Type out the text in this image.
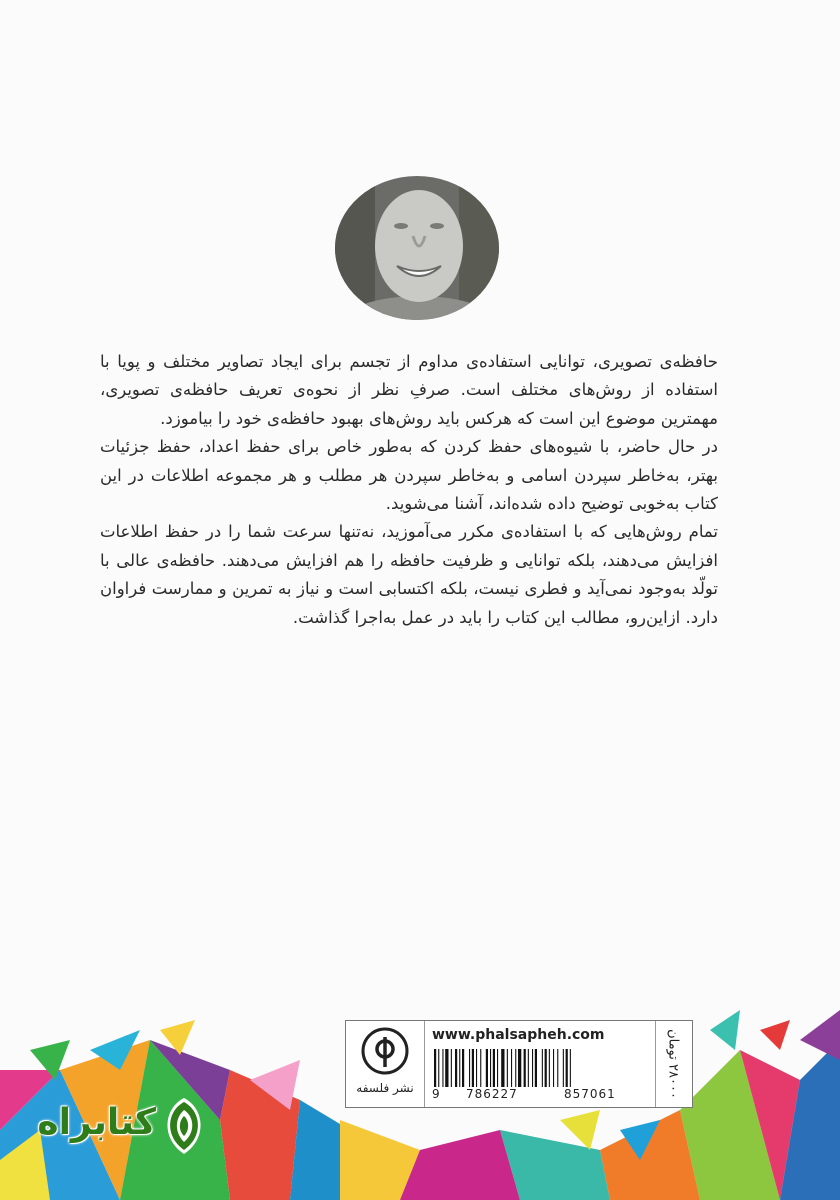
حافظه‌ی تصویری، توانایی استفاده‌ی مداوم از تجسم برای ایجاد تصاویر مختلف و پویا با استفاده از روش‌های مختلف است. صرفِ نظر از نحوه‌ی تعریف حافظه‌ی تصویری، مهمترین موضوع این است که هرکس باید روش‌های بهبود حافظه‌ی خود را بیاموزد.

در حال حاضر، با شیوه‌های حفظ کردن که به‌طور خاص برای حفظ اعداد، حفظ جزئیات بهتر، به‌خاطر سپردن اسامی و به‌خاطر سپردن هر مطلب و هر مجموعه اطلاعات در این کتاب به‌خوبی توضیح داده شده‌اند، آشنا می‌شوید.

تمام روش‌هایی که با استفاده‌ی مکرر می‌آموزید، نه‌تنها سرعت شما را در حفظ اطلاعات افزایش می‌دهند، بلکه توانایی و ظرفیت حافظه را هم افزایش می‌دهند. حافظه‌ی عالی با تولّد به‌وجود نمی‌آید و فطری نیست، بلکه اکتسابی است و نیاز به تمرین و ممارست فراوان دارد. ازاین‌رو، مطالب این کتاب را باید در عمل به‌اجرا گذاشت.

نشر فلسفه
www.phalsapheh.com
9 786227	857061
۲۸۰۰۰ تومان
کتابراه
